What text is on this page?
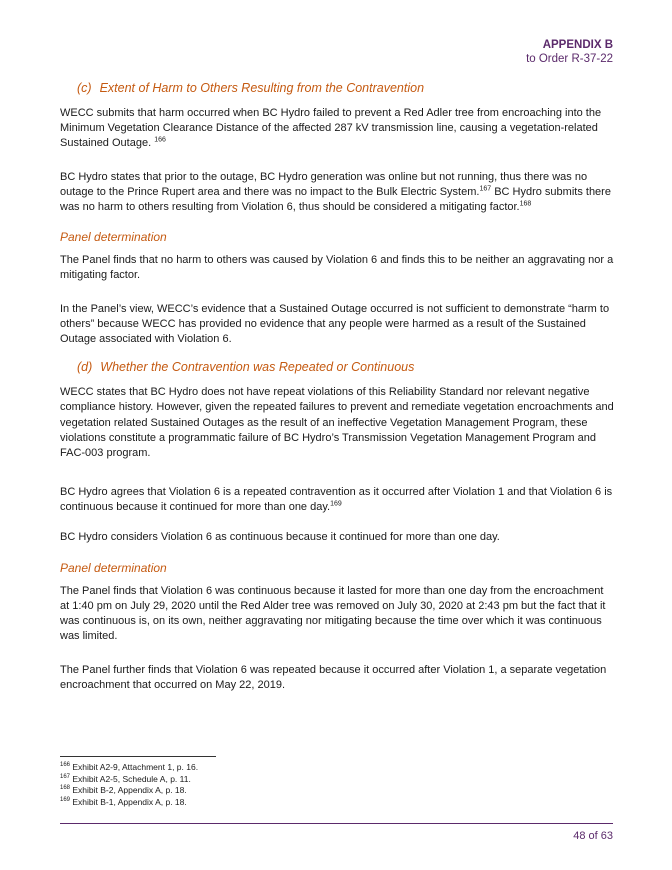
APPENDIX B
to Order R-37-22
(c) Extent of Harm to Others Resulting from the Contravention

WECC submits that harm occurred when BC Hydro failed to prevent a Red Adler tree from encroaching into the Minimum Vegetation Clearance Distance of the affected 287 kV transmission line, causing a vegetation-related Sustained Outage. $^{166}$

BC Hydro states that prior to the outage, BC Hydro generation was online but not running, thus there was no outage to the Prince Rupert area and there was no impact to the Bulk Electric System.$^{167}$ BC Hydro submits there was no harm to others resulting from Violation 6, thus should be considered a mitigating factor.$^{168}$

Panel determination

The Panel finds that no harm to others was caused by Violation 6 and finds this to be neither an aggravating nor a mitigating factor.

In the Panel’s view, WECC’s evidence that a Sustained Outage occurred is not sufficient to demonstrate “harm to others” because WECC has provided no evidence that any people were harmed as a result of the Sustained Outage associated with Violation 6.

(d) Whether the Contravention was Repeated or Continuous

WECC states that BC Hydro does not have repeat violations of this Reliability Standard nor relevant negative compliance history. However, given the repeated failures to prevent and remediate vegetation encroachments and vegetation related Sustained Outages as the result of an ineffective Vegetation Management Program, these violations constitute a programmatic failure of BC Hydro’s Transmission Vegetation Management Program and FAC-003 program.

BC Hydro agrees that Violation 6 is a repeated contravention as it occurred after Violation 1 and that Violation 6 is continuous because it continued for more than one day.$^{169}$

BC Hydro considers Violation 6 as continuous because it continued for more than one day.

Panel determination

The Panel finds that Violation 6 was continuous because it lasted for more than one day from the encroachment at 1:40 pm on July 29, 2020 until the Red Alder tree was removed on July 30, 2020 at 2:43 pm but the fact that it was continuous is, on its own, neither aggravating nor mitigating because the time over which it was continuous was limited.

The Panel further finds that Violation 6 was repeated because it occurred after Violation 1, a separate vegetation encroachment that occurred on May 22, 2019.

$^{166}$ Exhibit A2-9, Attachment 1, p. 16.
$^{167}$ Exhibit A2-5, Schedule A, p. 11.
$^{168}$ Exhibit B-2, Appendix A, p. 18.
$^{169}$ Exhibit B-1, Appendix A, p. 18.
48 of 63
